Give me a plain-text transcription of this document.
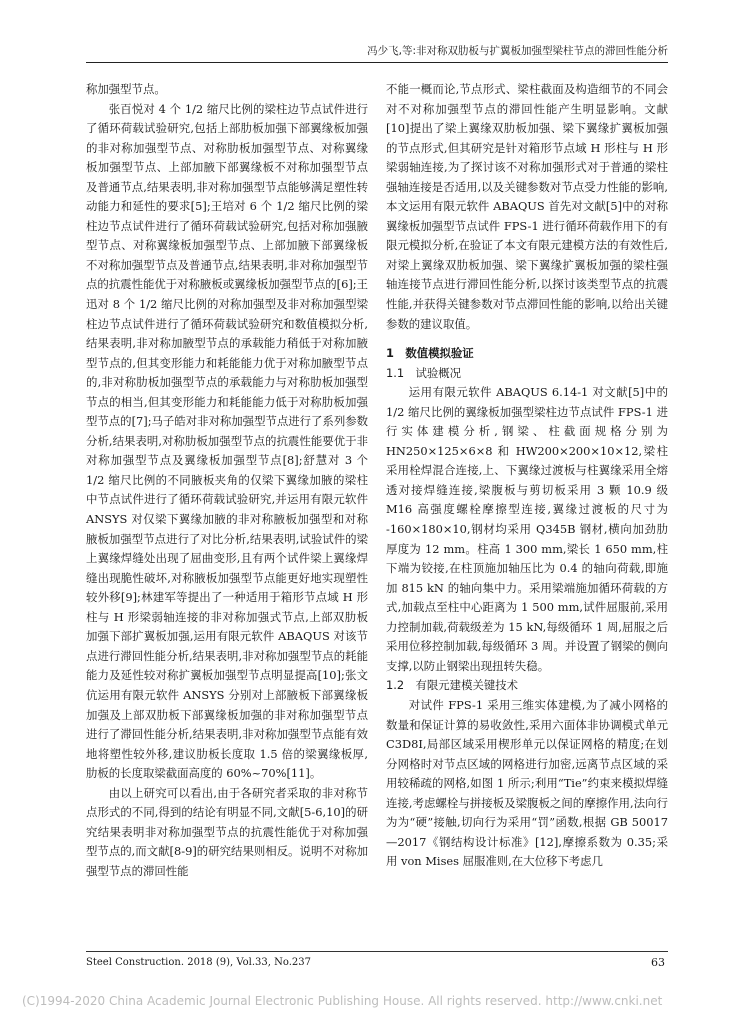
冯少飞,等:非对称双肋板与扩翼板加强型梁柱节点的滞回性能分析

称加强型节点。

张百悦对 4 个 1/2 缩尺比例的梁柱边节点试件进行了循环荷载试验研究,包括上部肋板加强下部翼缘板加强的非对称加强型节点、对称肋板加强型节点、对称翼缘板加强型节点、上部加腋下部翼缘板不对称加强型节点及普通节点,结果表明,非对称加强型节点能够满足塑性转动能力和延性的要求[5];王培对 6 个 1/2 缩尺比例的梁柱边节点试件进行了循环荷载试验研究,包括对称加强腋型节点、对称翼缘板加强型节点、上部加腋下部翼缘板不对称加强型节点及普通节点,结果表明,非对称加强型节点的抗震性能优于对称腋板或翼缘板加强型节点的[6];王迅对 8 个 1/2 缩尺比例的对称加强型及非对称加强型梁柱边节点试件进行了循环荷载试验研究和数值模拟分析,结果表明,非对称加腋型节点的承载能力稍低于对称加腋型节点的,但其变形能力和耗能能力优于对称加腋型节点的,非对称肋板加强型节点的承载能力与对称肋板加强型节点的相当,但其变形能力和耗能能力低于对称肋板加强型节点的[7];马子皓对非对称加强型节点进行了系列参数分析,结果表明,对称肋板加强型节点的抗震性能要优于非对称加强型节点及翼缘板加强型节点[8];舒慧对 3 个 1/2 缩尺比例的不同腋板夹角的仅梁下翼缘加腋的梁柱中节点试件进行了循环荷载试验研究,并运用有限元软件 ANSYS 对仅梁下翼缘加腋的非对称腋板加强型和对称腋板加强型节点进行了对比分析,结果表明,试验试件的梁上翼缘焊缝处出现了屈曲变形,且有两个试件梁上翼缘焊缝出现脆性破坏,对称腋板加强型节点能更好地实现塑性较外移[9];林建军等提出了一种适用于箱形节点域 H 形柱与 H 形梁弱轴连接的非对称加强式节点,上部双肋板加强下部扩翼板加强,运用有限元软件 ABAQUS 对该节点进行滞回性能分析,结果表明,非对称加强型节点的耗能能力及延性较对称扩翼板加强型节点明显提高[10];张文伉运用有限元软件 ANSYS 分别对上部腋板下部翼缘板加强及上部双肋板下部翼缘板加强的非对称加强型节点进行了滞回性能分析,结果表明,非对称加强型节点能有效地将塑性较外移,建议肋板长度取 1.5 倍的梁翼缘板厚,肋板的长度取梁截面高度的 60%~70%[11]。

由以上研究可以看出,由于各研究者采取的非对称节点形式的不同,得到的结论有明显不同,文献[5-6,10]的研究结果表明非对称加强型节点的抗震性能优于对称加强型节点的,而文献[8-9]的研究结果则相反。说明不对称加强型节点的滞回性能

不能一概而论,节点形式、梁柱截面及构造细节的不同会对不对称加强型节点的滞回性能产生明显影响。文献[10]提出了梁上翼缘双肋板加强、梁下翼缘扩翼板加强的节点形式,但其研究是针对箱形节点域 H 形柱与 H 形梁弱轴连接,为了探讨该不对称加强形式对于普通的梁柱强轴连接是否适用,以及关键参数对节点受力性能的影响,本文运用有限元软件 ABAQUS 首先对文献[5]中的对称翼缘板加强型节点试件 FPS-1 进行循环荷载作用下的有限元模拟分析,在验证了本文有限元建模方法的有效性后,对梁上翼缘双肋板加强、梁下翼缘扩翼板加强的梁柱强轴连接节点进行滞回性能分析,以探讨该类型节点的抗震性能,并获得关键参数对节点滞回性能的影响,以给出关键参数的建议取值。

1　数值模拟验证
1.1　试验概况

运用有限元软件 ABAQUS 6.14-1 对文献[5]中的 1/2 缩尺比例的翼缘板加强型梁柱边节点试件 FPS-1 进行实体建模分析,钢梁、柱截面规格分别为 HN250×125×6×8 和 HW200×200×10×12,梁柱采用栓焊混合连接,上、下翼缘过渡板与柱翼缘采用全熔透对接焊缝连接,梁腹板与剪切板采用 3 颗 10.9 级 M16 高强度螺栓摩擦型连接,翼缘过渡板的尺寸为 -160×180×10,钢材均采用 Q345B 钢材,横向加劲肋厚度为 12 mm。柱高 1 300 mm,梁长 1 650 mm,柱下端为铰接,在柱顶施加轴压比为 0.4 的轴向荷载,即施加 815 kN 的轴向集中力。采用梁端施加循环荷载的方式,加载点至柱中心距离为 1 500 mm,试件屈服前,采用力控制加载,荷载级差为 15 kN,每级循环 1 周,屈服之后采用位移控制加载,每级循环 3 周。并设置了钢梁的侧向支撑,以防止钢梁出现扭转失稳。

1.2　有限元建模关键技术

对试件 FPS-1 采用三维实体建模,为了减小网格的数量和保证计算的易收敛性,采用六面体非协调模式单元 C3D8I,局部区域采用楔形单元以保证网格的精度;在划分网格时对节点区域的网格进行加密,远离节点区域的采用较稀疏的网格,如图 1 所示;利用“Tie”约束来模拟焊缝连接,考虑螺栓与拼接板及梁腹板之间的摩擦作用,法向行为为“硬”接触,切向行为采用“罚”函数,根据 GB 50017—2017《钢结构设计标准》[12],摩擦系数为 0.35;采用 von Mises 屈服准则,在大位移下考虑几

Steel Construction. 2018 (9), Vol.33, No.237	63
(C)1994-2020 China Academic Journal Electronic Publishing House. All rights reserved. http://www.cnki.net
